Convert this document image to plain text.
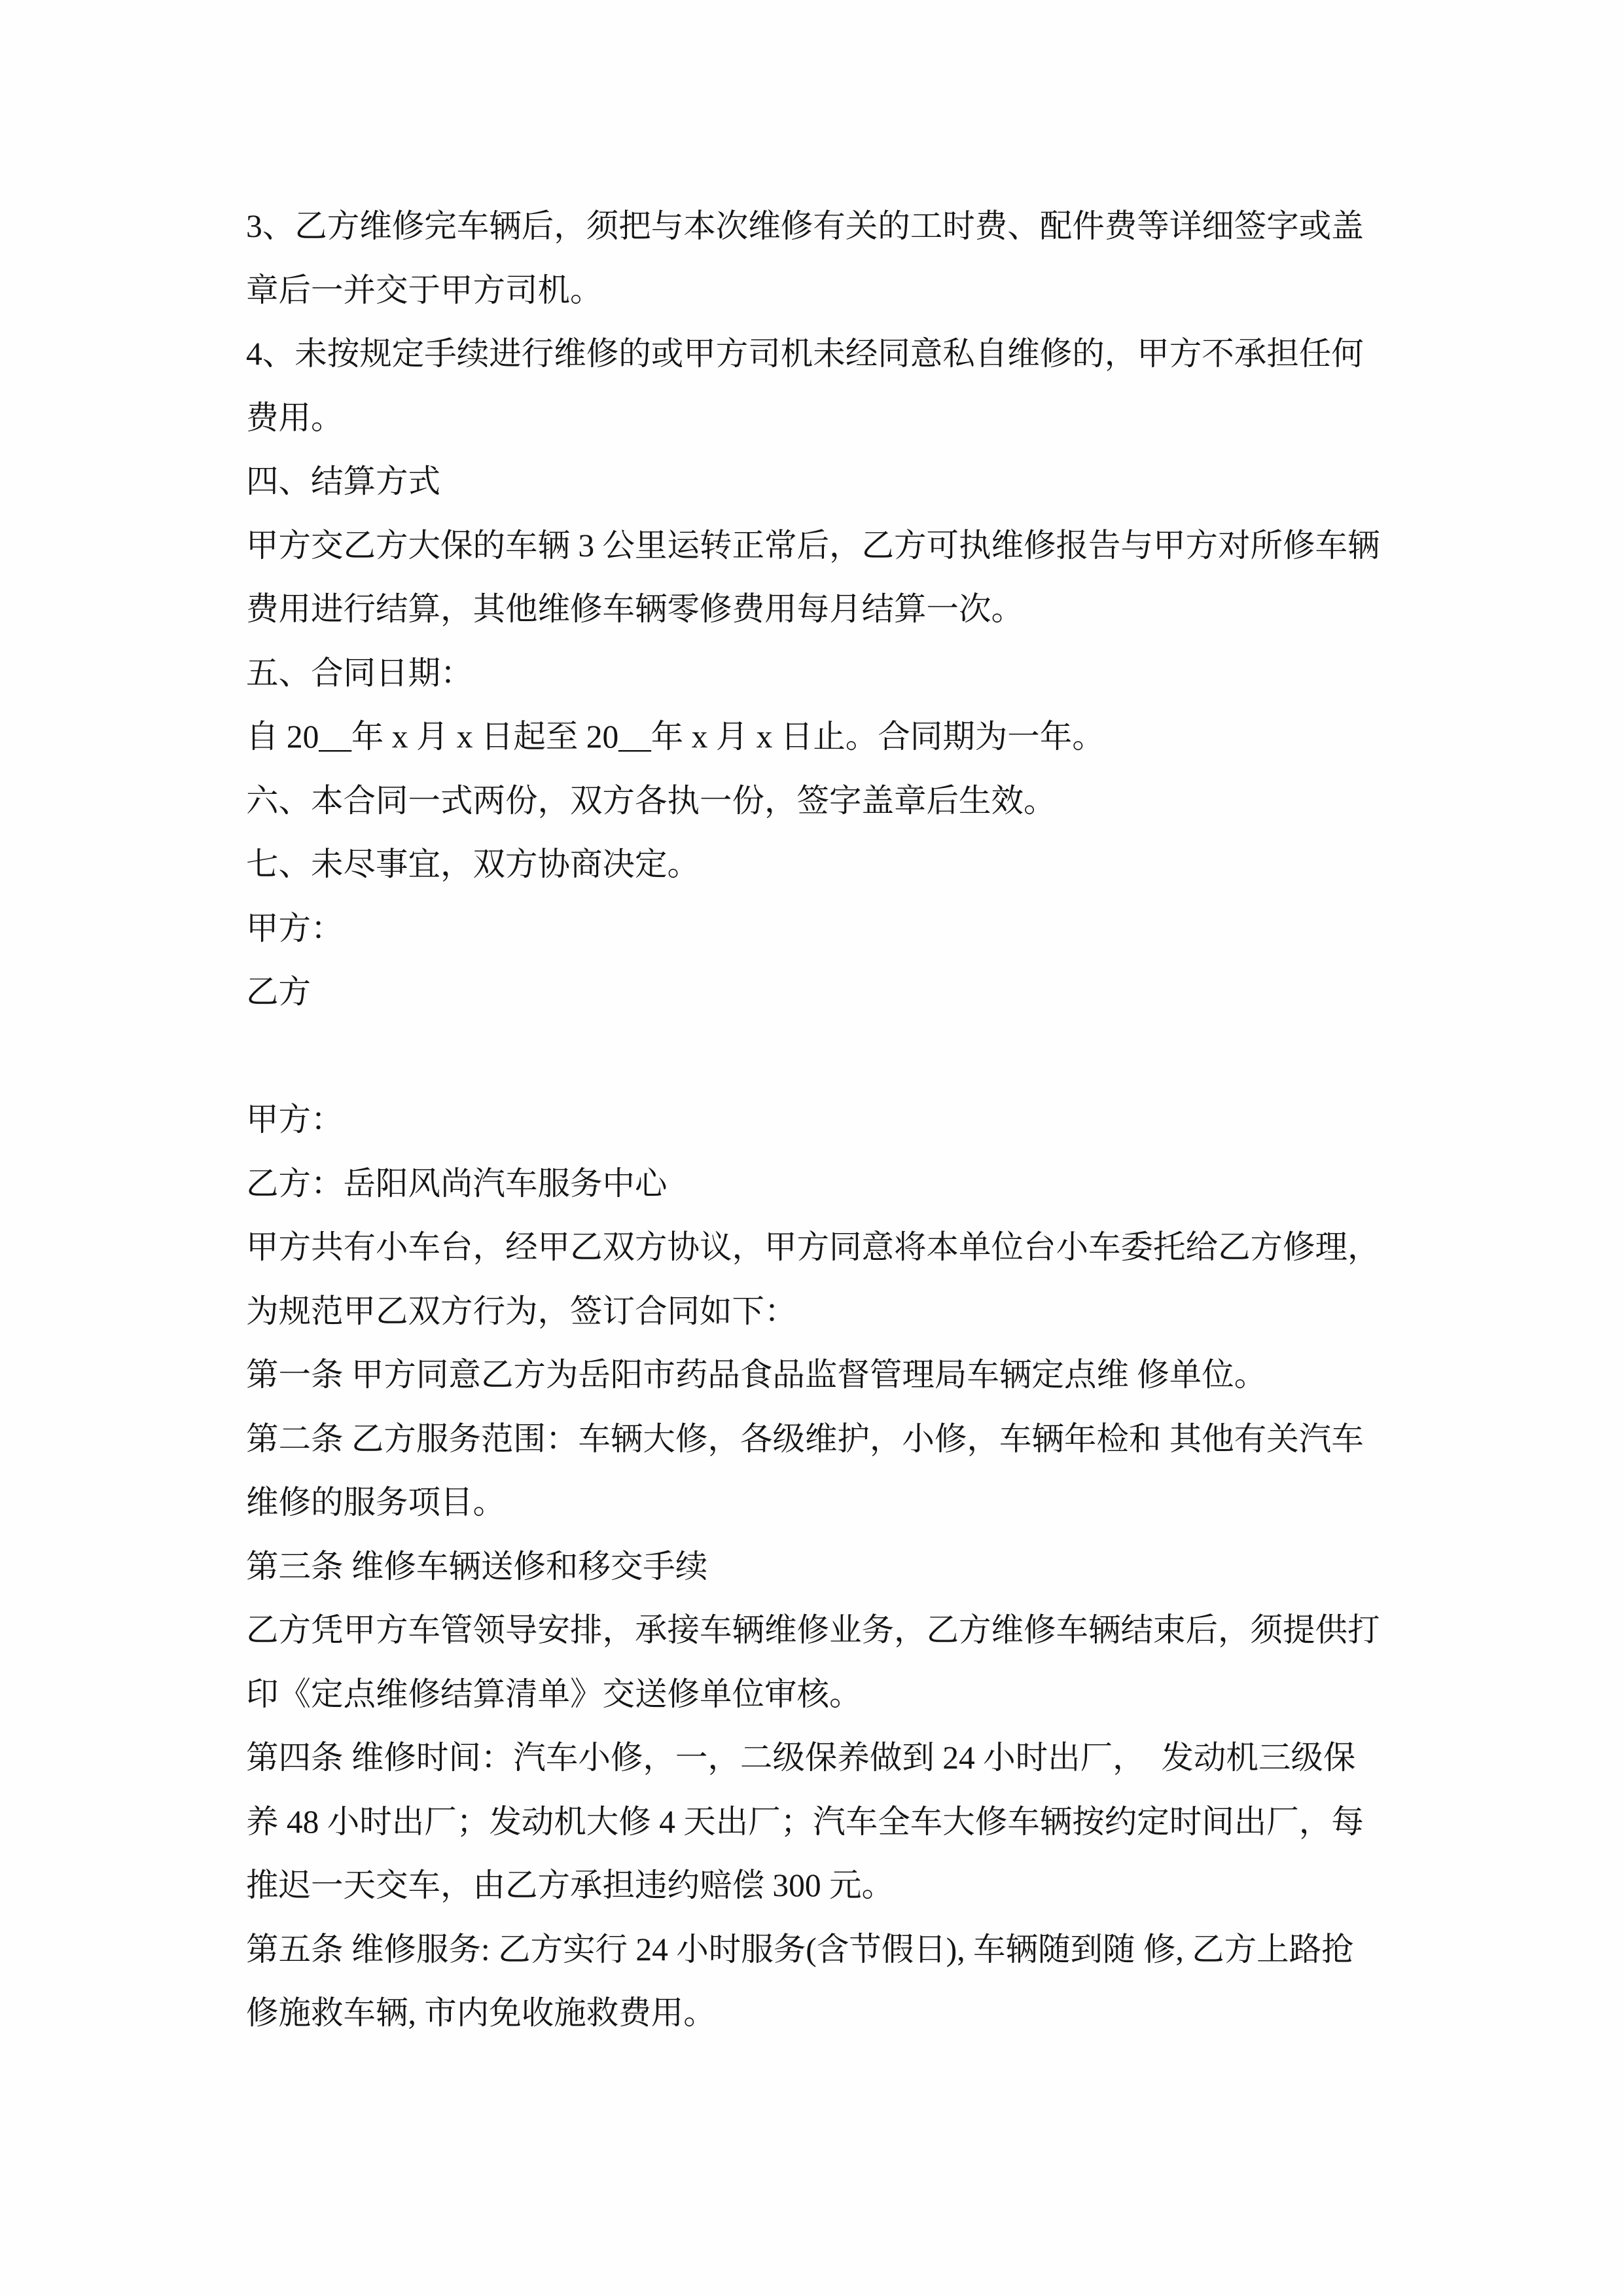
3、乙方维修完车辆后，须把与本次维修有关的工时费、配件费等详细签字或盖
章后一并交于甲方司机。
4、未按规定手续进行维修的或甲方司机未经同意私自维修的，甲方不承担任何
费用。
四、结算方式
甲方交乙方大保的车辆 3 公里运转正常后，乙方可执维修报告与甲方对所修车辆
费用进行结算，其他维修车辆零修费用每月结算一次。
五、合同日期：
自 20__年 x 月 x 日起至 20__年 x 月 x 日止。合同期为一年。
六、本合同一式两份，双方各执一份，签字盖章后生效。
七、未尽事宜，双方协商决定。
甲方：
乙方
甲方：
乙方：岳阳风尚汽车服务中心
甲方共有小车台，经甲乙双方协议，甲方同意将本单位台小车委托给乙方修理，
为规范甲乙双方行为，签订合同如下：
第一条 甲方同意乙方为岳阳市药品食品监督管理局车辆定点维 修单位。
第二条 乙方服务范围：车辆大修，各级维护，小修，车辆年检和 其他有关汽车
维修的服务项目。
第三条 维修车辆送修和移交手续
乙方凭甲方车管领导安排，承接车辆维修业务，乙方维修车辆结束后，须提供打
印《定点维修结算清单》交送修单位审核。
第四条 维修时间：汽车小修，一，二级保养做到 24 小时出厂，　发动机三级保
养 48 小时出厂；发动机大修 4 天出厂；汽车全车大修车辆按约定时间出厂，每
推迟一天交车，由乙方承担违约赔偿 300 元。
第五条 维修服务: 乙方实行 24 小时服务(含节假日), 车辆随到随 修, 乙方上路抢
修施救车辆, 市内免收施救费用。
